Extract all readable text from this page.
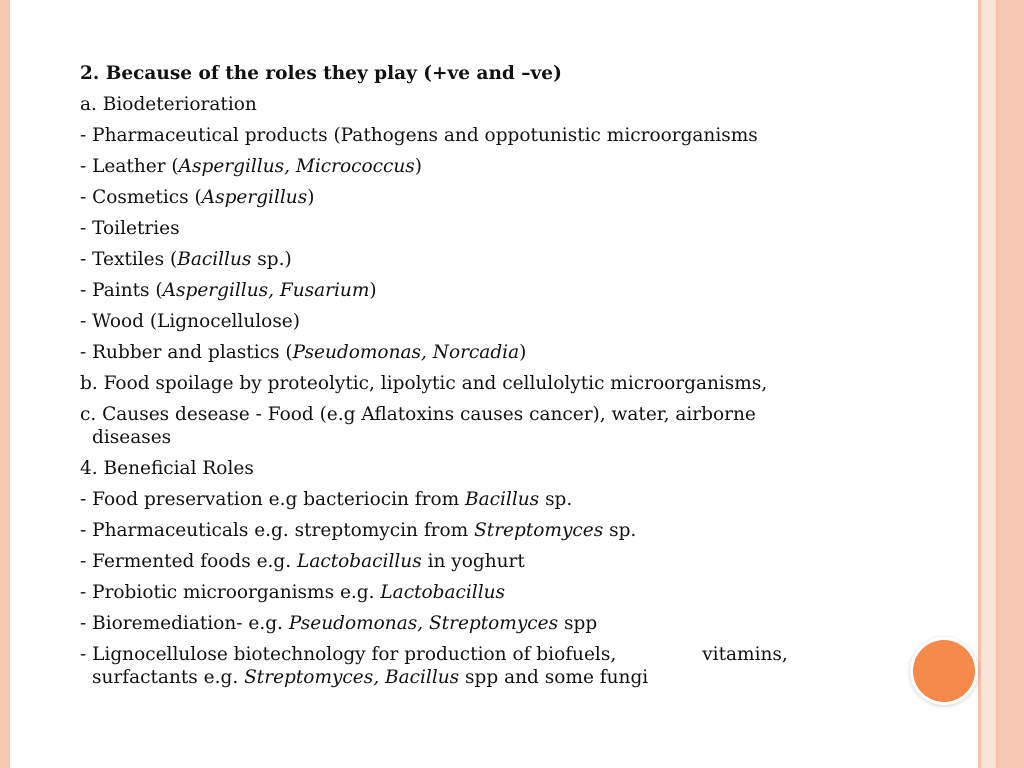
2. Because of the roles they play (+ve and –ve)
a. Biodeterioration
- Pharmaceutical products (Pathogens and oppotunistic microorganisms
- Leather (Aspergillus, Micrococcus)
- Cosmetics (Aspergillus)
- Toiletries
- Textiles (Bacillus sp.)
- Paints (Aspergillus, Fusarium)
- Wood (Lignocellulose)
- Rubber and plastics (Pseudomonas, Norcadia)
b. Food spoilage by proteolytic, lipolytic and cellulolytic microorganisms,
c. Causes desease - Food (e.g Aflatoxins causes cancer), water, airborne
diseases
4. Beneficial Roles
- Food preservation e.g bacteriocin from Bacillus sp.
- Pharmaceuticals e.g. streptomycin from Streptomyces sp.
- Fermented foods e.g. Lactobacillus in yoghurt
- Probiotic microorganisms e.g. Lactobacillus
- Bioremediation- e.g. Pseudomonas, Streptomyces spp
- Lignocellulose biotechnology for production of biofuels,	vitamins,
surfactants e.g. Streptomyces, Bacillus spp and some fungi
